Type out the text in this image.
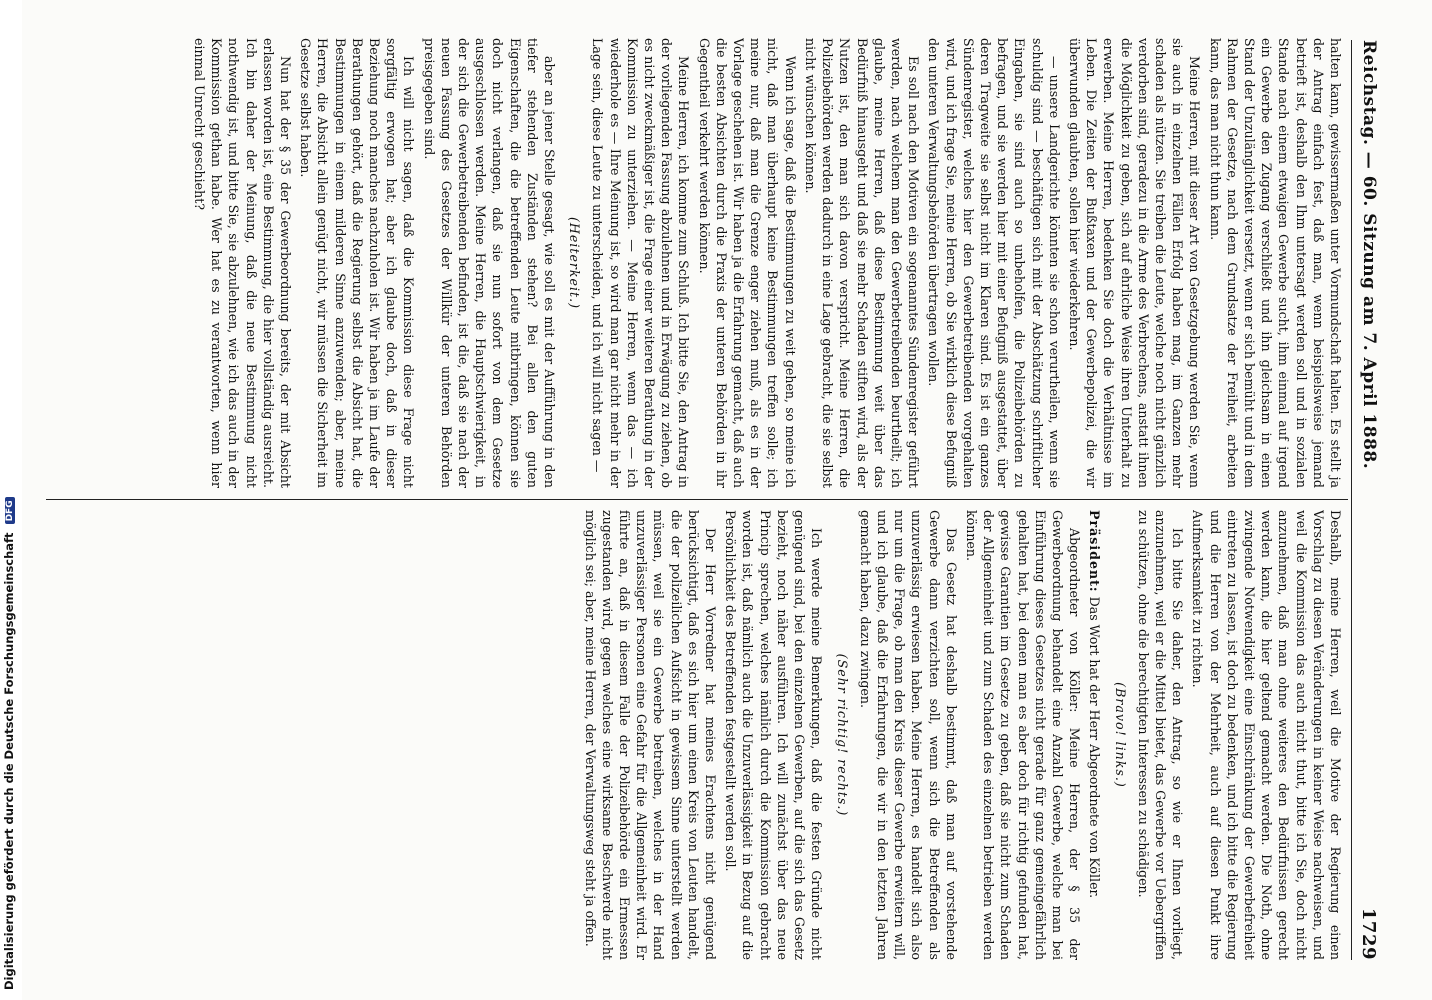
Digitalisierung gefördert durch die Deutsche Forschungsgemeinschaft DFG
Reichstag. — 60. Sitzung am 7. April 1888.
1729

halten kann, gewissermaßen unter Vormundschaft halten. Es stellt ja der Antrag einfach fest, daß man, wenn beispielsweise jemand betrieft ist, deshalb den Ihm untersagt werden soll und in sozialen Stande nach einem etwaigen Gewerbe sucht, ihm einmal auf irgend ein Gewerbe den Zugang verschließt und ihn gleichsam in einen Stand der Unzulänglichkeit versetzt, wenn er sich bemüht und in dem Rahmen der Gesetze, nach dem Grundsatze der Freiheit, arbeiten kann, das man nicht thun kann.

Meine Herren, mit dieser Art von Gesetzgebung werden Sie, wenn sie auch in einzelnen Fällen Erfolg haben mag, im Ganzen mehr schaden als nützen. Sie treiben die Leute, welche noch nicht gänzlich verdorben sind, geradezu in die Arme des Verbrechens, anstatt ihnen die Möglichkeit zu geben, sich auf ehrliche Weise ihren Unterhalt zu erwerben. Meine Herren, bedenken Sie doch die Verhältnisse im Leben. Die Zeiten der Bußtaxen und der Gewerbepolizei, die wir überwunden glaubten, sollen hier wiederkehren.

— unsere Landgerichte könnten sie schon verurtheilen, wenn sie schuldig sind — beschäftigen sich mit der Abschätzung schriftlicher Eingaben, sie sind auch so unbeholfen, die Polizeibehörden zu befragen, und sie werden hier mit einer Befugniß ausgestattet, über deren Tragweite sie selbst nicht im Klaren sind. Es ist ein ganzes Sündenregister, welches hier den Gewerbetreibenden vorgehalten wird, und ich frage Sie, meine Herren, ob Sie wirklich diese Befugniß den unteren Verwaltungsbehörden übertragen wollen.

Es soll nach den Motiven ein sogenanntes Sündenregister geführt werden, nach welchem man den Gewerbetreibenden beurtheilt; ich glaube, meine Herren, daß diese Bestimmung weit über das Bedürfniß hinausgeht und daß sie mehr Schaden stiften wird, als der Nutzen ist, den man sich davon verspricht. Meine Herren, die Polizeibehörden werden dadurch in eine Lage gebracht, die sie selbst nicht wünschen können.

Wenn ich sage, daß die Bestimmungen zu weit gehen, so meine ich nicht, daß man überhaupt keine Bestimmungen treffen solle; ich meine nur, daß man die Grenze enger ziehen muß, als es in der Vorlage geschehen ist. Wir haben ja die Erfahrung gemacht, daß auch die besten Absichten durch die Praxis der unteren Behörden in ihr Gegentheil verkehrt werden können.

Meine Herren, ich komme zum Schluß. Ich bitte Sie, den Antrag in der vorliegenden Fassung abzulehnen und in Erwägung zu ziehen, ob es nicht zweckmäßiger ist, die Frage einer weiteren Berathung in der Kommission zu unterziehen. — Meine Herren, wenn das — ich wiederhole es — Ihre Meinung ist, so wird man gar nicht mehr in der Lage sein, diese Leute zu unterscheiden, und ich will nicht sagen —

(Heiterkeit.)

aber an jener Stelle gesagt, wie soll es mit der Aufführung in den tiefer stehenden Zuständen stehen? Bei allen den guten Eigenschaften, die die betreffenden Leute mitbringen, können sie doch nicht verlangen, daß sie nun sofort von dem Gesetze ausgeschlossen werden. Meine Herren, die Hauptschwierigkeit, in der sich die Gewerbetreibenden befinden, ist die, daß sie nach der neuen Fassung des Gesetzes der Willkür der unteren Behörden preisgegeben sind.

Ich will nicht sagen, daß die Kommission diese Frage nicht sorgfältig erwogen hat; aber ich glaube doch, daß in dieser Beziehung noch manches nachzuholen ist. Wir haben ja im Laufe der Berathungen gehört, daß die Regierung selbst die Absicht hat, die Bestimmungen in einem milderen Sinne anzuwenden; aber, meine Herren, die Absicht allein genügt nicht, wir müssen die Sicherheit im Gesetze selbst haben.

Nun hat der § 35 der Gewerbeordnung bereits, der mit Absicht erlassen worden ist, eine Bestimmung, die hier vollständig ausreicht. Ich bin daher der Meinung, daß die neue Bestimmung nicht nothwendig ist, und bitte Sie, sie abzulehnen, wie ich das auch in der Kommission gethan habe. Wer hat es zu verantworten, wenn hier einmal Unrecht geschieht?

Deshalb, meine Herren, weil die Motive der Regierung einen Vorschlag zu diesen Veränderungen in keiner Weise nachweisen, und weil die Kommission das auch nicht thut, bitte ich Sie, doch nicht anzunehmen, daß man ohne weiteres den Bedürfnissen gerecht werden kann, die hier geltend gemacht werden. Die Noth, ohne zwingende Notwendigkeit eine Einschränkung der Gewerbefreiheit eintreten zu lassen, ist doch zu bedenken, und ich bitte die Regierung und die Herren von der Mehrheit, auch auf diesen Punkt ihre Aufmerksamkeit zu richten.

Ich bitte Sie daher, den Antrag, so wie er Ihnen vorliegt, anzunehmen, weil er die Mittel bietet, das Gewerbe vor Uebergriffen zu schützen, ohne die berechtigten Interessen zu schädigen.

(Bravo! links.)

Präsident: Das Wort hat der Herr Abgeordnete von Köller.

Abgeordneter von Köller: Meine Herren, der § 35 der Gewerbeordnung behandelt eine Anzahl Gewerbe, welche man bei Einführung dieses Gesetzes nicht gerade für ganz gemeingefährlich gehalten hat, bei denen man es aber doch für richtig gefunden hat, gewisse Garantien im Gesetze zu geben, daß sie nicht zum Schaden der Allgemeinheit und zum Schaden des einzelnen betrieben werden können.

Das Gesetz hat deshalb bestimmt, daß man auf vorstehende Gewerbe dann verzichten soll, wenn sich die Betreffenden als unzuverlässig erwiesen haben. Meine Herren, es handelt sich also nur um die Frage, ob man den Kreis dieser Gewerbe erweitern will, und ich glaube, daß die Erfahrungen, die wir in den letzten Jahren gemacht haben, dazu zwingen.

(Sehr richtig! rechts.)

Ich werde meine Bemerkungen, daß die festen Gründe nicht genügend sind, bei den einzelnen Gewerben, auf die sich das Gesetz bezieht, noch näher ausführen. Ich will zunächst über das neue Princip sprechen, welches nämlich durch die Kommission gebracht worden ist, daß nämlich auch die Unzuverlässigkeit in Bezug auf die Persönlichkeit des Betreffenden festgestellt werden soll.

Der Herr Vorredner hat meines Erachtens nicht genügend berücksichtigt, daß es sich hier um einen Kreis von Leuten handelt, die der polizeilichen Aufsicht in gewissem Sinne unterstellt werden müssen, weil sie ein Gewerbe betreiben, welches in der Hand unzuverlässiger Personen eine Gefahr für die Allgemeinheit wird. Er führte an, daß in diesem Falle der Polizeibehörde ein Ermessen zugestanden wird, gegen welches eine wirksame Beschwerde nicht möglich sei; aber, meine Herren, der Verwaltungsweg steht ja offen.
